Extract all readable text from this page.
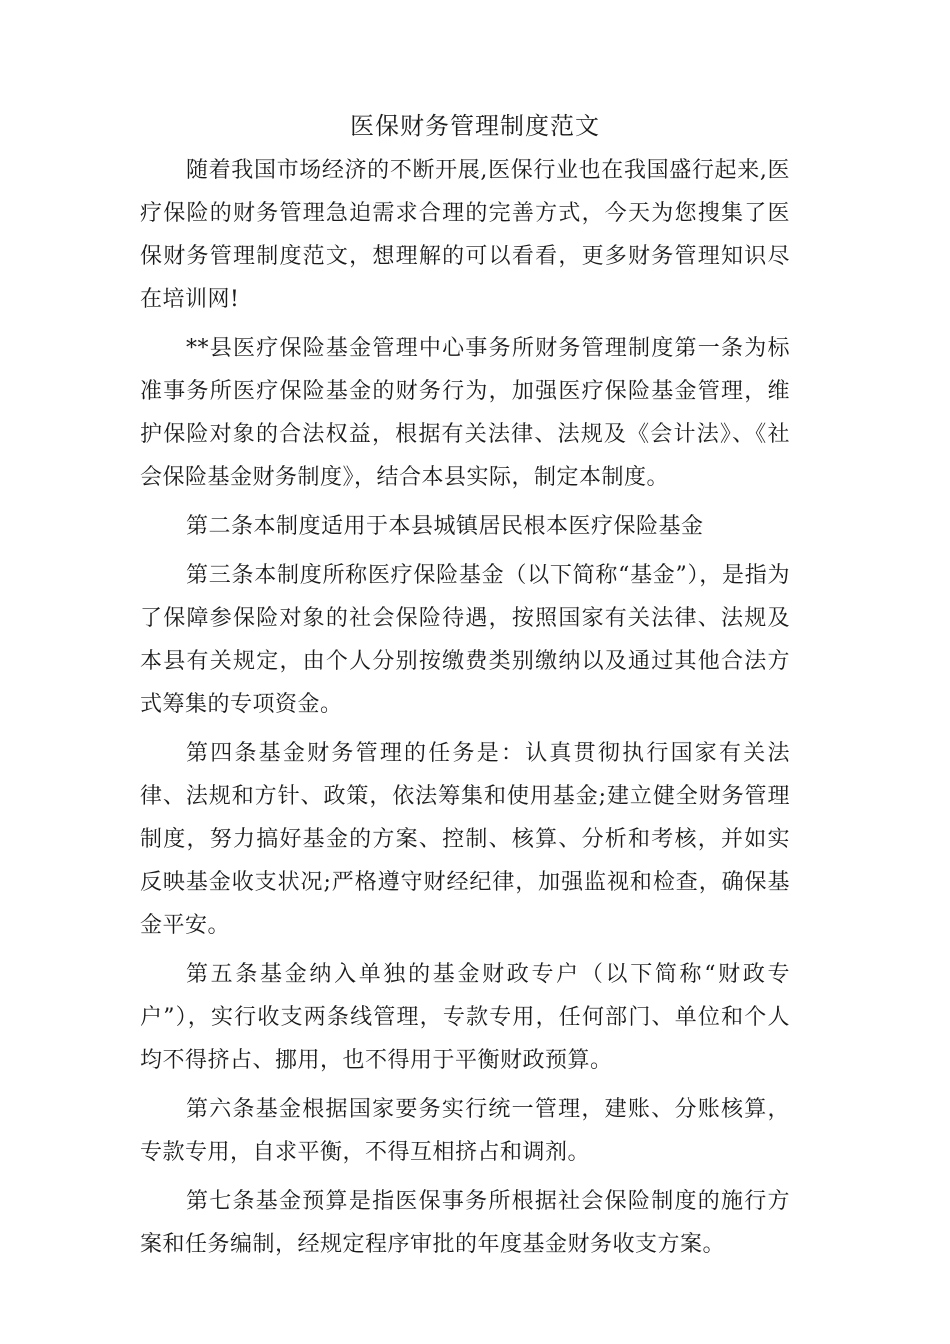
医保财务管理制度范文

随着我国市场经济的不断开展,医保行业也在我国盛行起来,医疗保险的财务管理急迫需求合理的完善方式，今天为您搜集了医保财务管理制度范文，想理解的可以看看，更多财务管理知识尽在培训网!

**县医疗保险基金管理中心事务所财务管理制度第一条为标准事务所医疗保险基金的财务行为，加强医疗保险基金管理，维护保险对象的合法权益，根据有关法律、法规及《会计法》、《社会保险基金财务制度》，结合本县实际，制定本制度。

第二条本制度适用于本县城镇居民根本医疗保险基金

第三条本制度所称医疗保险基金（以下简称“基金”），是指为了保障参保险对象的社会保险待遇，按照国家有关法律、法规及本县有关规定，由个人分别按缴费类别缴纳以及通过其他合法方式筹集的专项资金。

第四条基金财务管理的任务是：认真贯彻执行国家有关法律、法规和方针、政策，依法筹集和使用基金;建立健全财务管理制度，努力搞好基金的方案、控制、核算、分析和考核，并如实反映基金收支状况;严格遵守财经纪律，加强监视和检查，确保基金平安。

第五条基金纳入单独的基金财政专户（以下简称“财政专户”），实行收支两条线管理，专款专用，任何部门、单位和个人均不得挤占、挪用，也不得用于平衡财政预算。

第六条基金根据国家要务实行统一管理，建账、分账核算，专款专用，自求平衡，不得互相挤占和调剂。

第七条基金预算是指医保事务所根据社会保险制度的施行方案和任务编制，经规定程序审批的年度基金财务收支方案。
